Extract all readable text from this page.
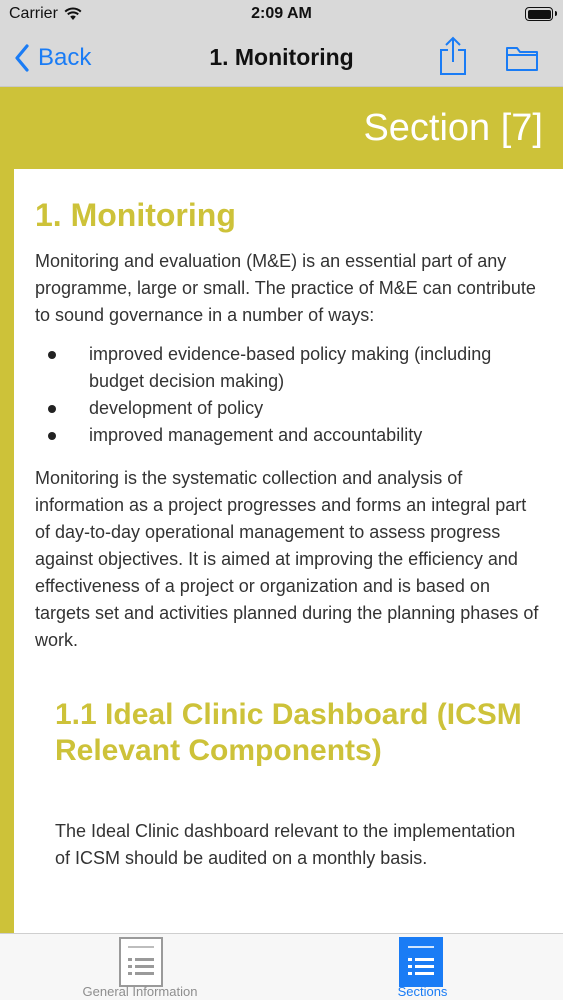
Carrier	2:09 AM
Back	1. Monitoring
Section [7]
1. Monitoring

Monitoring and evaluation (M&E) is an essential part of any programme, large or small. The practice of M&E can contribute to sound governance in a number of ways:

improved evidence-based policy making (including budget decision making)
development of policy
improved management and accountability

Monitoring is the systematic collection and analysis of information as a project progresses and forms an integral part of day-to-day operational management to assess progress against objectives. It is aimed at improving the efficiency and effectiveness of a project or organization and is based on targets set and activities planned during the planning phases of work.

1.1 Ideal Clinic Dashboard (ICSM Relevant Components)

The Ideal Clinic dashboard relevant to the implementation of ICSM should be audited on a monthly basis.

General Information	Sections
